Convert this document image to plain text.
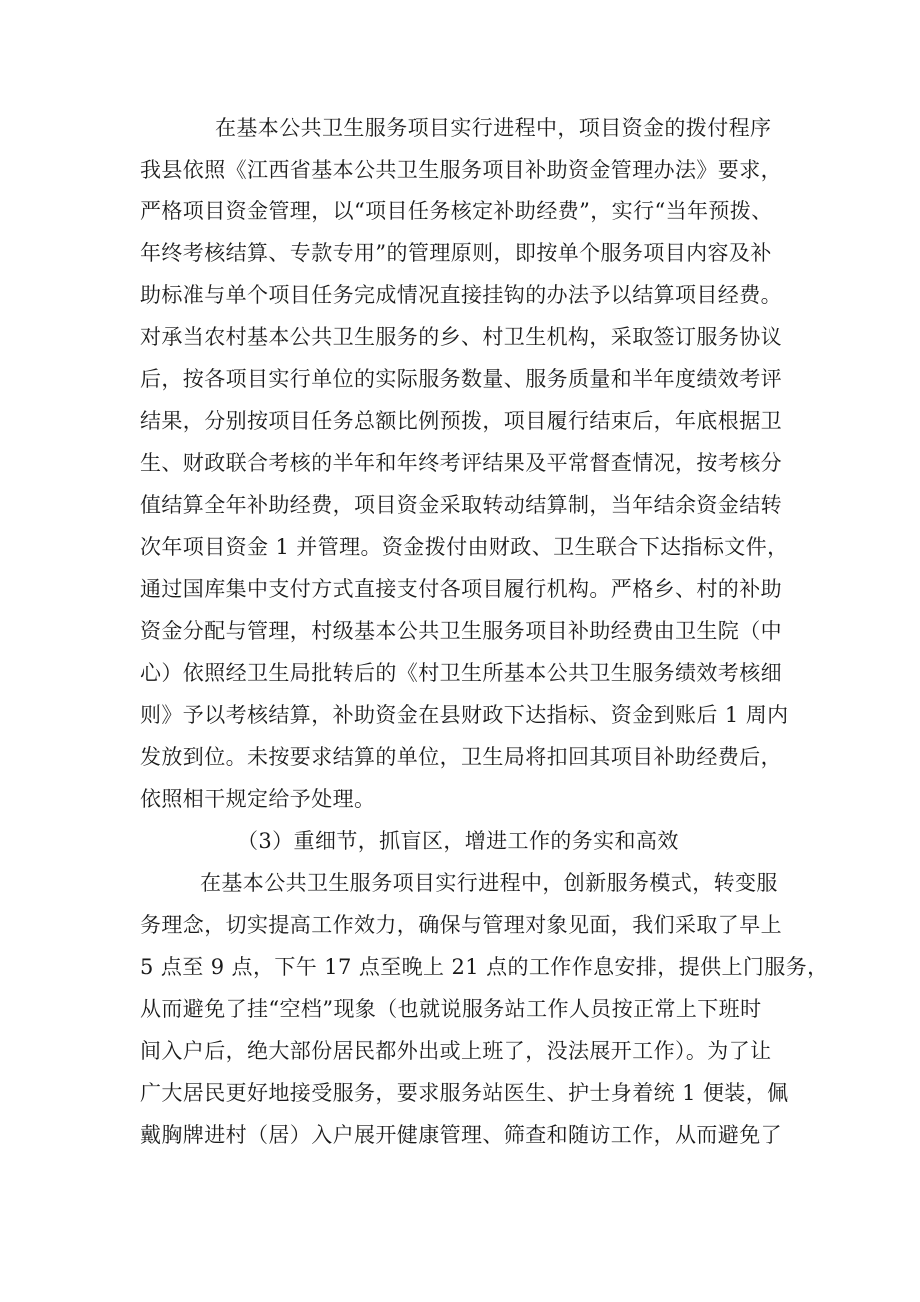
在基本公共卫生服务项目实行进程中，项目资金的拨付程序
我县依照《江西省基本公共卫生服务项目补助资金管理办法》要求，
严格项目资金管理，以“项目任务核定补助经费”，实行“当年预拨、
年终考核结算、专款专用”的管理原则，即按单个服务项目内容及补
助标准与单个项目任务完成情况直接挂钩的办法予以结算项目经费。
对承当农村基本公共卫生服务的乡、村卫生机构，采取签订服务协议
后，按各项目实行单位的实际服务数量、服务质量和半年度绩效考评
结果，分别按项目任务总额比例预拨，项目履行结束后，年底根据卫
生、财政联合考核的半年和年终考评结果及平常督查情况，按考核分
值结算全年补助经费，项目资金采取转动结算制，当年结余资金结转
次年项目资金 1 并管理。资金拨付由财政、卫生联合下达指标文件，
通过国库集中支付方式直接支付各项目履行机构。严格乡、村的补助
资金分配与管理，村级基本公共卫生服务项目补助经费由卫生院（中
心）依照经卫生局批转后的《村卫生所基本公共卫生服务绩效考核细
则》予以考核结算，补助资金在县财政下达指标、资金到账后 1 周内
发放到位。未按要求结算的单位，卫生局将扣回其项目补助经费后，
依照相干规定给予处理。
（3）重细节，抓盲区，增进工作的务实和高效
在基本公共卫生服务项目实行进程中，创新服务模式，转变服
务理念，切实提高工作效力，确保与管理对象见面，我们采取了早上
5 点至 9 点，下午 17 点至晚上 21 点的工作作息安排，提供上门服务，
从而避免了挂“空档”现象（也就说服务站工作人员按正常上下班时
间入户后，绝大部份居民都外出或上班了，没法展开工作）。为了让
广大居民更好地接受服务，要求服务站医生、护士身着统 1 便装，佩
戴胸牌进村（居）入户展开健康管理、筛查和随访工作，从而避免了
